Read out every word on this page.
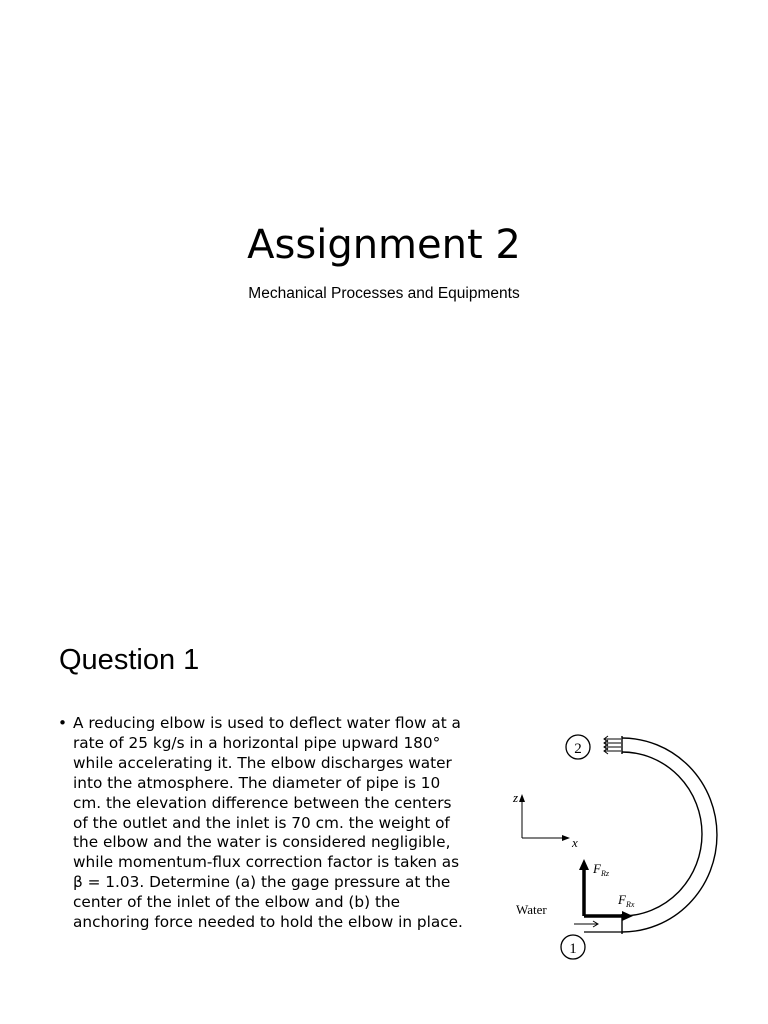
Assignment 2
Mechanical Processes and Equipments
Question 1
• A reducing elbow is used to deflect water flow at a rate of 25 kg/s in a horizontal pipe upward 180° while accelerating it. The elbow discharges water into the atmosphere. The diameter of pipe is 10 cm. the elevation difference between the centers of the outlet and the inlet is 70 cm. the weight of the elbow and the water is considered negligible, while momentum-flux correction factor is taken as β = 1.03. Determine (a) the gage pressure at the center of the inlet of the elbow and (b) the anchoring force needed to hold the elbow in place.
2
1
z
x
$F_{Rz}$
$F_{Rx}$
Water
